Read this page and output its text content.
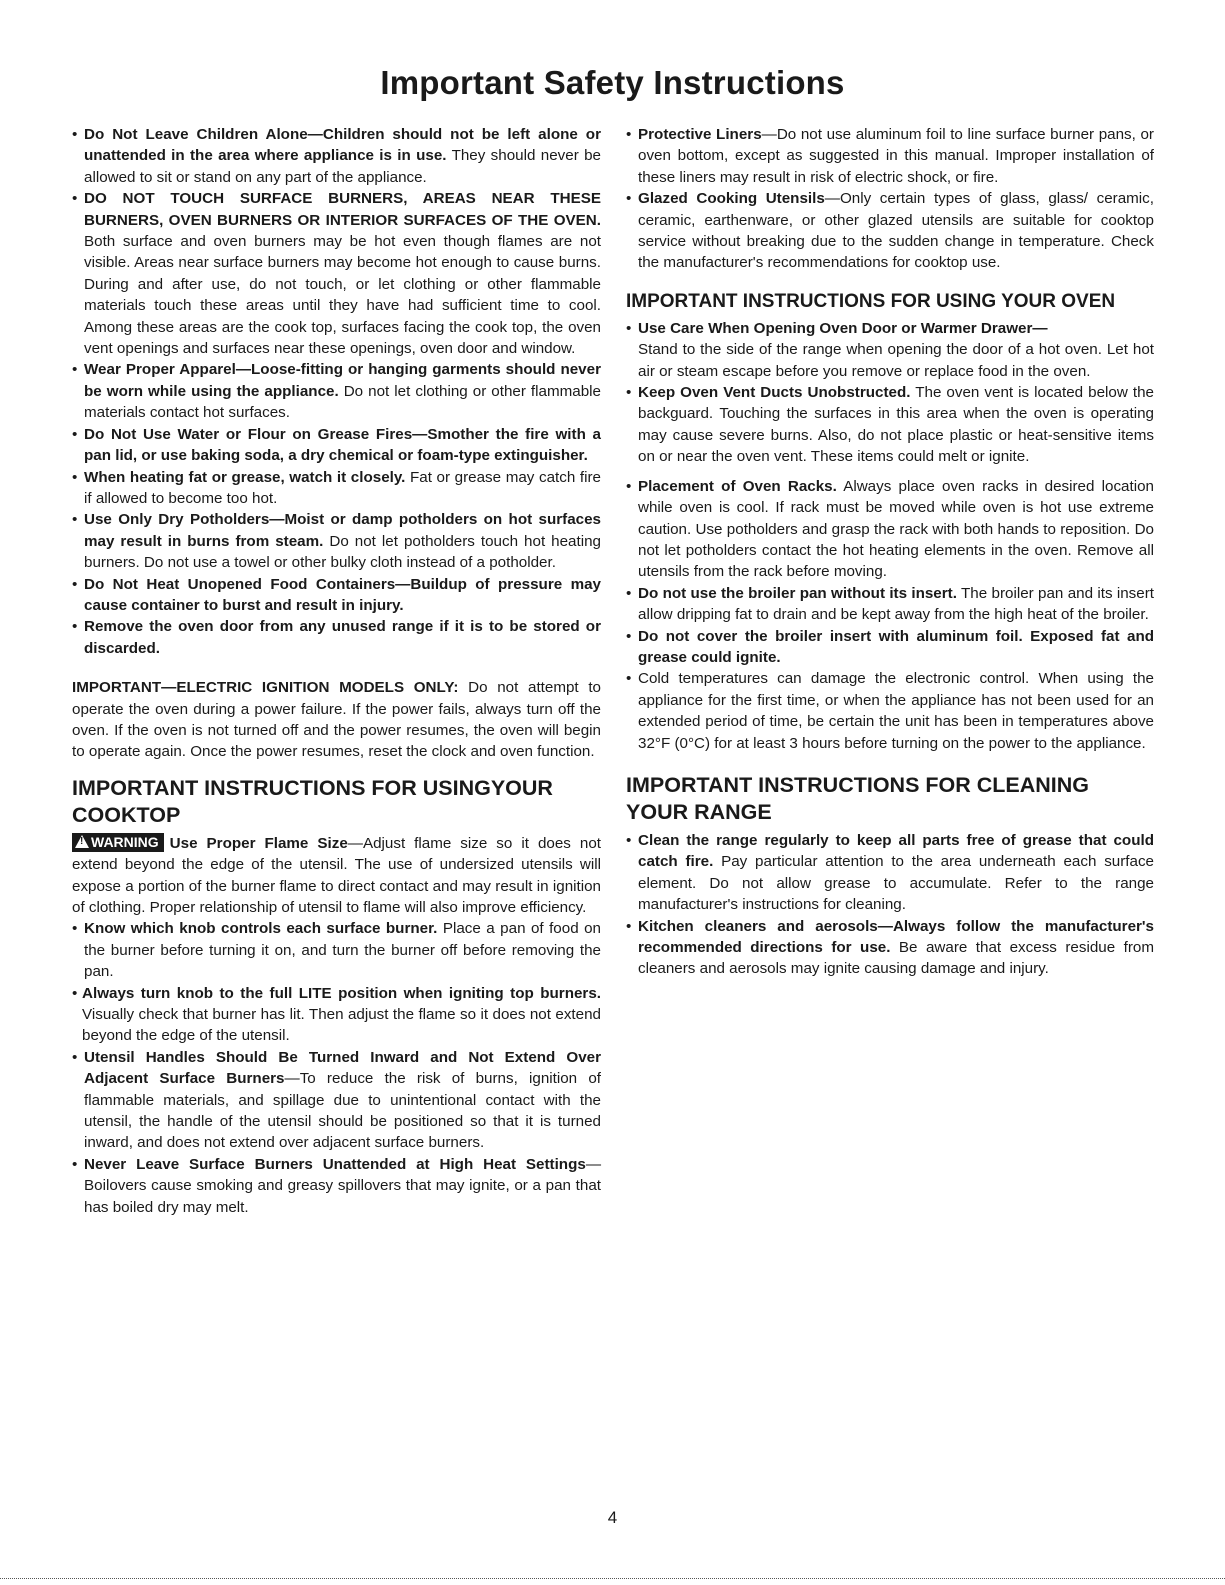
Important Safety Instructions

• Do Not Leave Children Alone—Children should not be left alone or unattended in the area where appliance is in use. They should never be allowed to sit or stand on any part of the appliance.

• DO NOT TOUCH SURFACE BURNERS, AREAS NEAR THESE BURNERS, OVEN BURNERS OR INTERIOR SURFACES OF THE OVEN. Both surface and oven burners may be hot even though flames are not visible. Areas near surface burners may become hot enough to cause burns. During and after use, do not touch, or let clothing or other flammable materials touch these areas until they have had sufficient time to cool. Among these areas are the cook top, surfaces facing the cook top, the oven vent openings and surfaces near these openings, oven door and window.

• Wear Proper Apparel—Loose-fitting or hanging garments should never be worn while using the appliance. Do not let clothing or other flammable materials contact hot surfaces.

• Do Not Use Water or Flour on Grease Fires—Smother the fire with a pan lid, or use baking soda, a dry chemical or foam-type extinguisher.

• When heating fat or grease, watch it closely. Fat or grease may catch fire if allowed to become too hot.

• Use Only Dry Potholders—Moist or damp potholders on hot surfaces may result in burns from steam. Do not let potholders touch hot heating burners. Do not use a towel or other bulky cloth instead of a potholder.

• Do Not Heat Unopened Food Containers—Buildup of pressure may cause container to burst and result in injury.

• Remove the oven door from any unused range if it is to be stored or discarded.

IMPORTANT—ELECTRIC IGNITION MODELS ONLY: Do not attempt to operate the oven during a power failure. If the power fails, always turn off the oven. If the oven is not turned off and the power resumes, the oven will begin to operate again. Once the power resumes, reset the clock and oven function.

IMPORTANT INSTRUCTIONS FOR USINGYOUR COOKTOP

!WARNING Use Proper Flame Size—Adjust flame size so it does not extend beyond the edge of the utensil. The use of undersized utensils will expose a portion of the burner flame to direct contact and may result in ignition of clothing. Proper relationship of utensil to flame will also improve efficiency.

• Know which knob controls each surface burner. Place a pan of food on the burner before turning it on, and turn the burner off before removing the pan.

• Always turn knob to the full LITE position when igniting top burners. Visually check that burner has lit. Then adjust the flame so it does not extend beyond the edge of the utensil.

• Utensil Handles Should Be Turned Inward and Not Extend Over Adjacent Surface Burners—To reduce the risk of burns, ignition of flammable materials, and spillage due to unintentional contact with the utensil, the handle of the utensil should be positioned so that it is turned inward, and does not extend over adjacent surface burners.

• Never Leave Surface Burners Unattended at High Heat Settings—Boilovers cause smoking and greasy spillovers that may ignite, or a pan that has boiled dry may melt.

• Protective Liners—Do not use aluminum foil to line surface burner pans, or oven bottom, except as suggested in this manual. Improper installation of these liners may result in risk of electric shock, or fire.

• Glazed Cooking Utensils—Only certain types of glass, glass/ ceramic, ceramic, earthenware, or other glazed utensils are suitable for cooktop service without breaking due to the sudden change in temperature. Check the manufacturer's recommendations for cooktop use.

IMPORTANT INSTRUCTIONS FOR USING YOUR OVEN

• Use Care When Opening Oven Door or Warmer Drawer—
Stand to the side of the range when opening the door of a hot oven. Let hot air or steam escape before you remove or replace food in the oven.

• Keep Oven Vent Ducts Unobstructed. The oven vent is located below the backguard. Touching the surfaces in this area when the oven is operating may cause severe burns. Also, do not place plastic or heat-sensitive items on or near the oven vent. These items could melt or ignite.

• Placement of Oven Racks. Always place oven racks in desired location while oven is cool. If rack must be moved while oven is hot use extreme caution. Use potholders and grasp the rack with both hands to reposition. Do not let potholders contact the hot heating elements in the oven. Remove all utensils from the rack before moving.

• Do not use the broiler pan without its insert. The broiler pan and its insert allow dripping fat to drain and be kept away from the high heat of the broiler.

• Do not cover the broiler insert with aluminum foil. Exposed fat and grease could ignite.

• Cold temperatures can damage the electronic control. When using the appliance for the first time, or when the appliance has not been used for an extended period of time, be certain the unit has been in temperatures above 32°F (0°C) for at least 3 hours before turning on the power to the appliance.

IMPORTANT INSTRUCTIONS FOR CLEANING YOUR RANGE

• Clean the range regularly to keep all parts free of grease that could catch fire. Pay particular attention to the area underneath each surface element. Do not allow grease to accumulate. Refer to the range manufacturer's instructions for cleaning.

• Kitchen cleaners and aerosols—Always follow the manufacturer's recommended directions for use. Be aware that excess residue from cleaners and aerosols may ignite causing damage and injury.

4
